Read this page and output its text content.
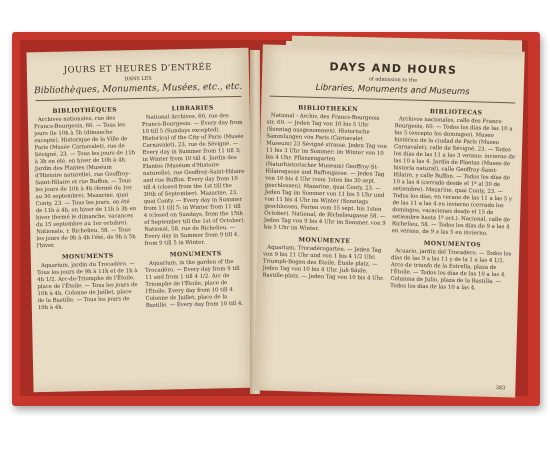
JOURS ET HEURES D'ENTRÉE

DANS LES

Bibliothèques, Monuments, Musées, etc., etc.

BIBLIOTHÈQUES

Archives nationales, rue des Francs-Bourgeois, 60. — Tous les jours (le 10h à 5h (dimanche excepté). Historique de la Ville de Paris (Musée Carnavalet), rue de Sévigné, 23. — Tous les jours de 11h à 3h en été, en hiver de 10h à 4h. Jardin des Plantes (Muséum d'Histoire naturelle), rue Geoffroy-Saint-Hilaire et rue Buffon. — Tous les jours de 10h à 4h (fermé du 1er au 30 septembre). Mazarine, quai Conty, 23. — Tous les jours, en été de 11h à 4h, en hiver de 11h à 3h en hiver (fermé le dimanche, vacances du 15 septembre au 1er octobre). Nationale, r. Richelieu, 58. — Tous les jours de 9h à 4h l'été, de 9h à 5h l'hiver.

MONUMENTS

Aquarium, jardin du Trocadéro. — Tous les jours de 9h à 11h et de 1h à 4h 1/2. Arc-de-Triomphe de l'Étoile, place de l'Étoile. — Tous les jours de 10h à 4h. Colonne de Juillet, place de la Bastille. — Tous les jours de 10h à 4h.

LIBRARIES

National Archives, 60, rue des Francs-Bourgeois. — Every day from 10 till 5 (Sundays excepted). Historical of the City of Paris (Musée Carnavalet), 23, rue de Sévigné. — Every day in Summer from 11 till 3; in Winter from 10 till 4. Jardin des Plantes (Muséum d'Histoire naturelle), rue Geoffroy-Saint-Hilaire and rue Buffon. Every day from 10 till 4 (closed from the 1st till the 30th of September). Mazarine, 23, quai Conty. — Every day in Summer from 11 till 5; in Winter from 11 till 4 (closed on Sundays, from the 15th of September till the 1st of October). National, 58, rue de Richelieu. — Every day in Summer from 9 till 4, from 9 till 5 in Winter.

MONUMENTS

Aquarium, in the garden of the Trocadéro. — Every day from 9 till 11 and from 1 till 4 1/2. Arc de Triomphe de l'Étoile, place de l'Étoile. Every day from 10 till 4. Colonne de Juillet, place de la Bastille. — Every day from 10 till 4.

DAYS AND HOURS

of admission to the

Libraries, Monuments and Museums

BIBLIOTHEKEN

National - Archiv, des Francs-Bourgeois str. 60. — Jeden Tag von 10 bis 5 Uhr (Sonntag ausgenommen). Historische Sammlungen von Paris (Carnavalet Museum) 23 Sévigné strasse. Jeden Tag von 11 bis 3 Uhr im Sommer; im Winter von 10 bis 4 Uhr. Pflanzengarten (Naturhistorischer Museum) Geoffroy-St-Hilairegasse und Buffongasse. — Jeden Tag von 10 bis 4 Uhr (vom 1sten bis 30 sept. geschlossen). Mazarine, quai Conty, 23. — Jeden Tag im Sommer von 11 bis 5 Uhr und von 11 bis 4 Uhr im Winter (Sonntags geschlossen, Ferien vom 15 sept. bis 1sten October). National, de Richelieugasse 58. — Jeden Tag von 9 bis 4 Uhr im Sommer, von 9 bis 5 Uhr im Winter.

MONUMENTE

Aquarium, Trocadérogarten. — Jeden Tag von 9 bis 11 Uhr und von 1 bis 4 1/2 Uhr. Triumph-Bogen des Etoile, Étoile platz. — Jeden Tag von 10 bis 4 Uhr. Juli-Säule, Bastille-platz. — Jeden Tag von 10 bis 4 Uhr.

BIBLIOTECAS

Archivos nacionales, calle des Francs-Bourgeois, 60. — Todos los días de las 10 a las 5 (excepto los domingos). Museo histórico de la ciudad de París (Museo Carnavalet), calle de Sévigné, 23. — Todos los días de las 11 a las 3 verano; invierno de las 10 a las 4. Jardín de Plantas (Museo de historia natural), calle Geoffroy-Saint-Hilaire, y calle Buffon. — Todos los días de 10 a las 4 (cerrado desde el 1º al 30 de setiembre). Mazarine, quai Conty, 23. — Todos los días, en verano de las 11 a las 5 y de las 11 a las 4 en invierno (cerrado los domingos, vacaciones desde el 15 de setiembre hasta 1º oct.). Nacional, calle de Richelieu, 58. — Todos los días de 9 a las 4 en verano, de 9 a las 5 en invierno.

MONUMENTOS

Acuario, jardín del Trocadero. — Todos los días de las 9 a las 11 y de la 1 a las 4 1/2. Arco de triunfo de la Estrella, plaza de l'Étoile. — Todos los días de las 10 a las 4. Columna de Julio, plaza de la Bastilla. — Todos los días de las 10 a las 4.

383
